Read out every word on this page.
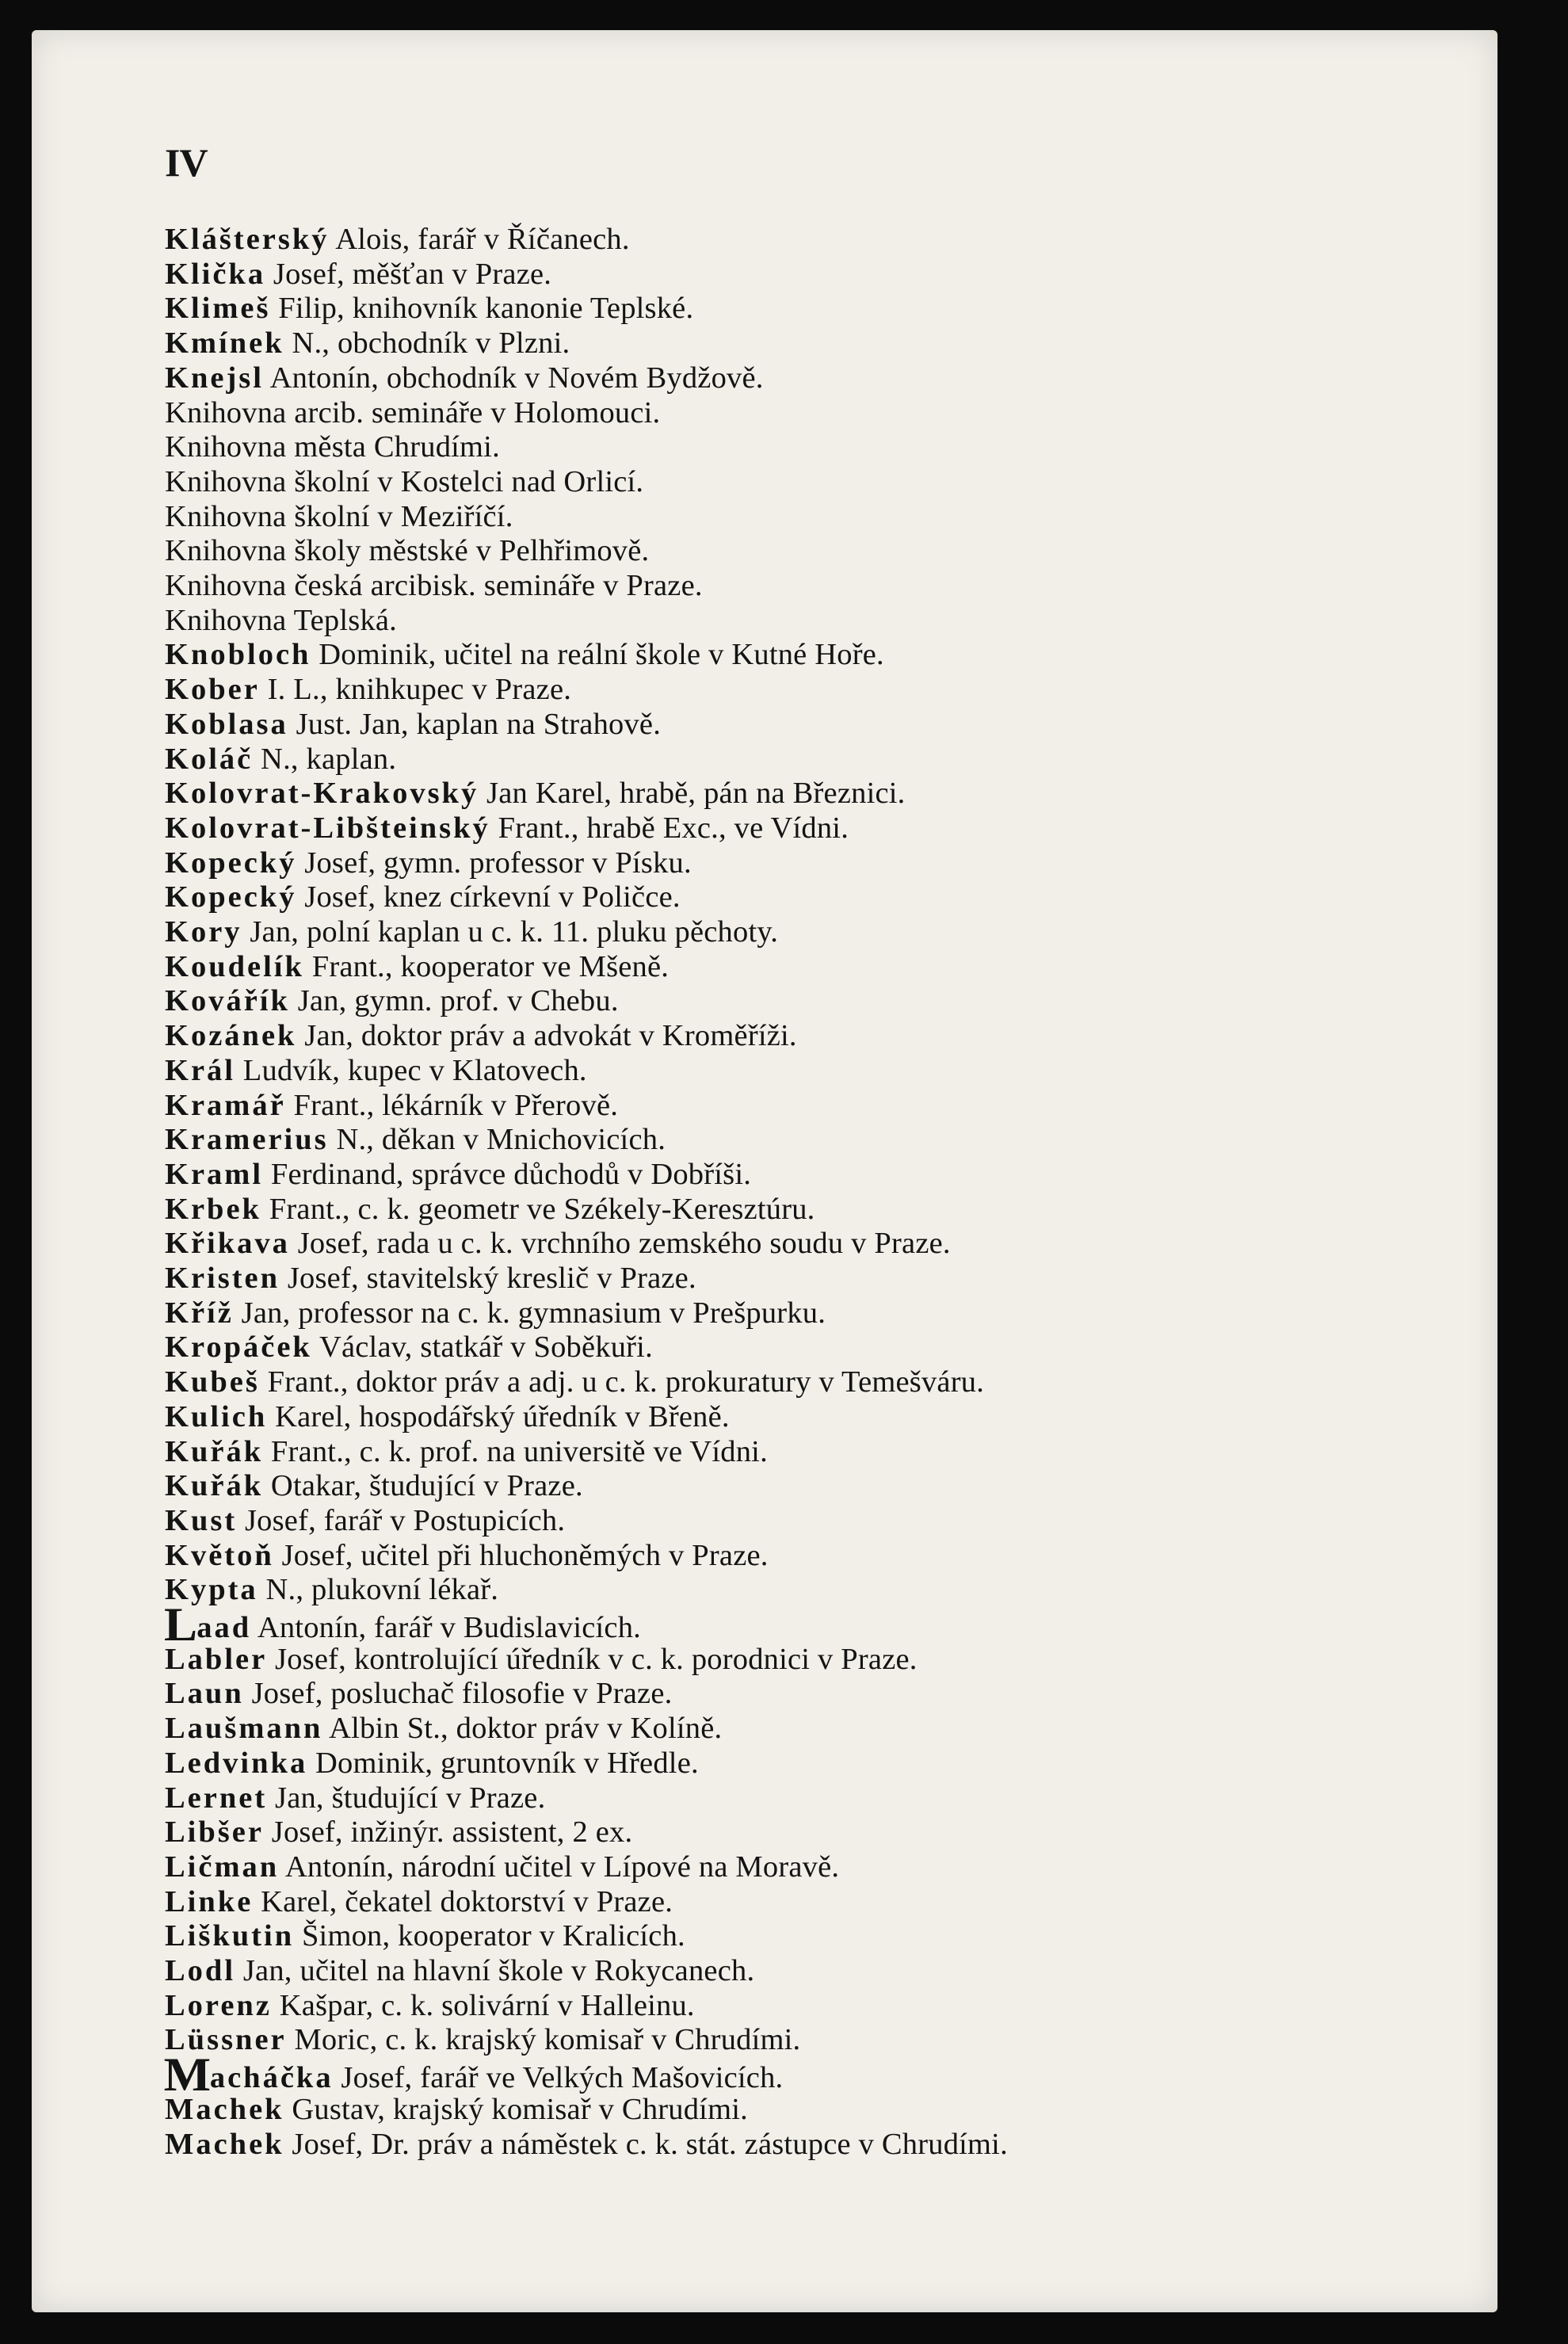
IV
Klášterský Alois, farář v Říčanech.
Klička Josef, měšťan v Praze.
Klimeš Filip, knihovník kanonie Teplské.
Kmínek N., obchodník v Plzni.
Knejsl Antonín, obchodník v Novém Bydžově.
Knihovna arcib. semináře v Holomouci.
Knihovna města Chrudími.
Knihovna školní v Kostelci nad Orlicí.
Knihovna školní v Meziříčí.
Knihovna školy městské v Pelhřimově.
Knihovna česká arcibisk. semináře v Praze.
Knihovna Teplská.
Knobloch Dominik, učitel na reální škole v Kutné Hoře.
Kober I. L., knihkupec v Praze.
Koblasa Just. Jan, kaplan na Strahově.
Koláč N., kaplan.
Kolovrat-Krakovský Jan Karel, hrabě, pán na Březnici.
Kolovrat-Libšteinský Frant., hrabě Exc., ve Vídni.
Kopecký Josef, gymn. professor v Písku.
Kopecký Josef, knez církevní v Poličce.
Kory Jan, polní kaplan u c. k. 11. pluku pěchoty.
Koudelík Frant., kooperator ve Mšeně.
Kovářík Jan, gymn. prof. v Chebu.
Kozánek Jan, doktor práv a advokát v Kroměříži.
Král Ludvík, kupec v Klatovech.
Kramář Frant., lékárník v Přerově.
Kramerius N., děkan v Mnichovicích.
Kraml Ferdinand, správce důchodů v Dobříši.
Krbek Frant., c. k. geometr ve Székely-Keresztúru.
Křikava Josef, rada u c. k. vrchního zemského soudu v Praze.
Kristen Josef, stavitelský kreslič v Praze.
Kříž Jan, professor na c. k. gymnasium v Prešpurku.
Kropáček Václav, statkář v Soběkuři.
Kubeš Frant., doktor práv a adj. u c. k. prokuratury v Temešváru.
Kulich Karel, hospodářský úředník v Břeně.
Kuřák Frant., c. k. prof. na universitě ve Vídni.
Kuřák Otakar, študující v Praze.
Kust Josef, farář v Postupicích.
Květoň Josef, učitel při hluchoněmých v Praze.
Kypta N., plukovní lékař.
Laad Antonín, farář v Budislavicích.
Labler Josef, kontrolující úředník v c. k. porodnici v Praze.
Laun Josef, posluchač filosofie v Praze.
Laušmann Albin St., doktor práv v Kolíně.
Ledvinka Dominik, gruntovník v Hředle.
Lernet Jan, študující v Praze.
Libšer Josef, inžinýr. assistent, 2 ex.
Ličman Antonín, národní učitel v Lípové na Moravě.
Linke Karel, čekatel doktorství v Praze.
Liškutin Šimon, kooperator v Kralicích.
Lodl Jan, učitel na hlavní škole v Rokycanech.
Lorenz Kašpar, c. k. solivární v Halleinu.
Lüssner Moric, c. k. krajský komisař v Chrudími.
Macháčka Josef, farář ve Velkých Mašovicích.
Machek Gustav, krajský komisař v Chrudími.
Machek Josef, Dr. práv a náměstek c. k. stát. zástupce v Chrudími.
